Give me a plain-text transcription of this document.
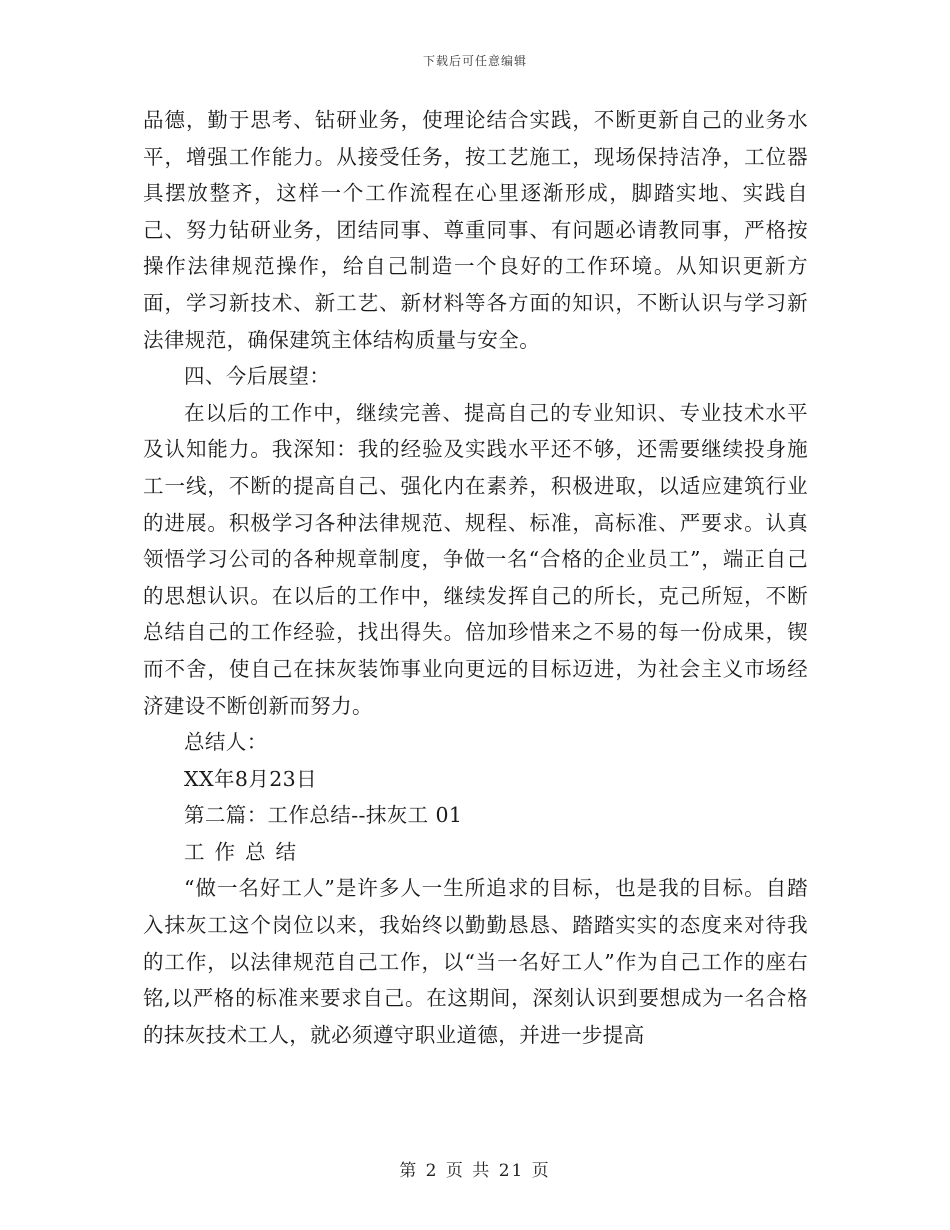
下载后可任意编辑

品德，勤于思考、钻研业务，使理论结合实践，不断更新自己的业务水平，增强工作能力。从接受任务，按工艺施工，现场保持洁净，工位器具摆放整齐，这样一个工作流程在心里逐渐形成，脚踏实地、实践自己、努力钻研业务，团结同事、尊重同事、有问题必请教同事，严格按操作法律规范操作，给自己制造一个良好的工作环境。从知识更新方面，学习新技术、新工艺、新材料等各方面的知识，不断认识与学习新法律规范，确保建筑主体结构质量与安全。

四、今后展望：

在以后的工作中，继续完善、提高自己的专业知识、专业技术水平及认知能力。我深知：我的经验及实践水平还不够，还需要继续投身施工一线，不断的提高自己、强化内在素养，积极进取，以适应建筑行业的进展。积极学习各种法律规范、规程、标准，高标准、严要求。认真领悟学习公司的各种规章制度，争做一名“合格的企业员工”，端正自己的思想认识。在以后的工作中，继续发挥自己的所长，克己所短，不断总结自己的工作经验，找出得失。倍加珍惜来之不易的每一份成果，锲而不舍，使自己在抹灰装饰事业向更远的目标迈进，为社会主义市场经济建设不断创新而努力。

总结人：

XX年8月23日

第二篇：工作总结--抹灰工 01

工作总结

“做一名好工人”是许多人一生所追求的目标，也是我的目标。自踏入抹灰工这个岗位以来，我始终以勤勤恳恳、踏踏实实的态度来对待我的工作，以法律规范自己工作，以“当一名好工人”作为自己工作的座右铭,以严格的标准来要求自己。在这期间，深刻认识到要想成为一名合格的抹灰技术工人，就必须遵守职业道德，并进一步提高

第 2 页 共 21 页
